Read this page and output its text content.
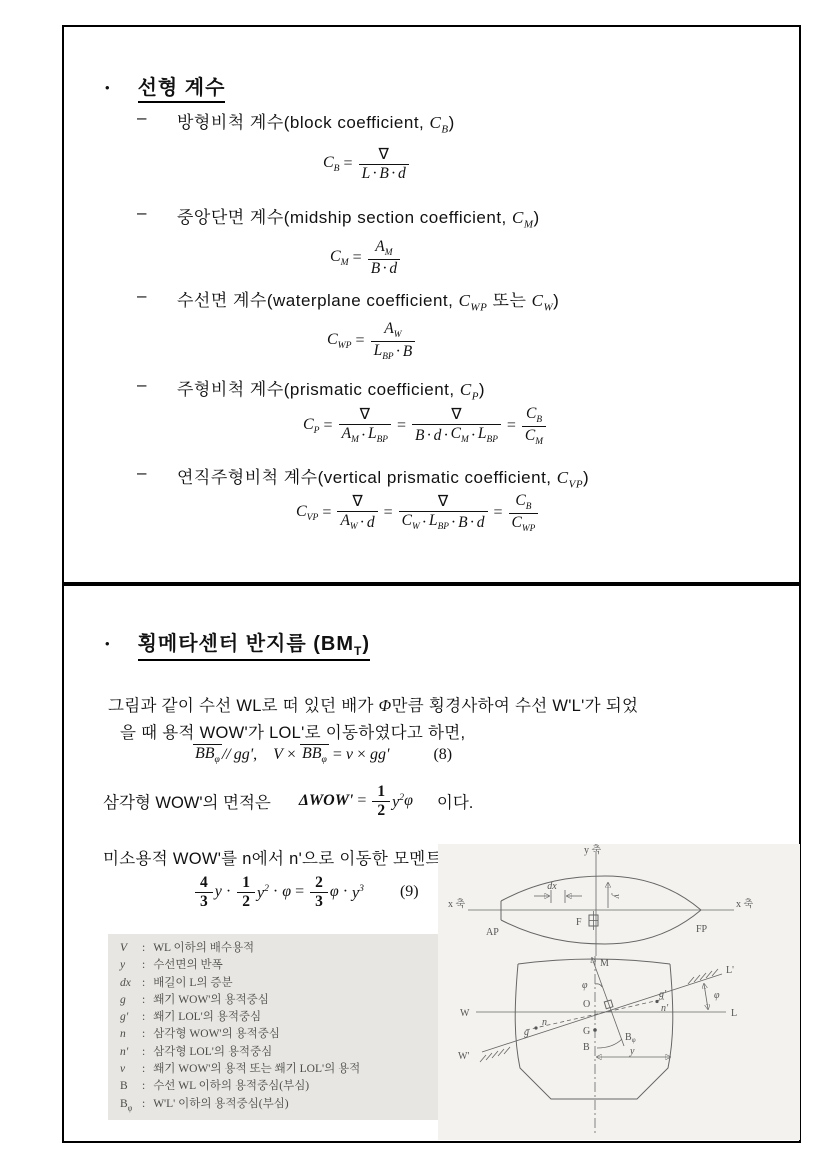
• 선형 계수
– 방형비척 계수(block coefficient, $C_B$)
$C_B = \frac{\nabla}{L \cdot B \cdot d}$
– 중앙단면 계수(midship section coefficient, $C_M$)
$C_M = \frac{A_M}{B \cdot d}$
– 수선면 계수(waterplane coefficient, $C_{WP}$ 또는 $C_W$)
$C_{WP} = \frac{A_W}{L_{BP} \cdot B}$
– 주형비척 계수(prismatic coefficient, $C_P$)
$C_P = \frac{\nabla}{A_M \cdot L_{BP}} = \frac{\nabla}{B \cdot d \cdot C_M \cdot L_{BP}} = \frac{C_B}{C_M}$
– 연직주형비척 계수(vertical prismatic coefficient, $C_{VP}$)
$C_{VP} = \frac{\nabla}{A_W \cdot d} = \frac{\nabla}{C_W \cdot L_{BP} \cdot B \cdot d} = \frac{C_B}{C_{WP}}$
• 횡메타센터 반지름 $(BM_T)$
그림과 같이 수선 WL로 떠 있던 배가 Φ만큼 횡경사하여 수선 W'L'가 되었
을 때 용적 WOW'가 LOL'로 이동하였다고 하면,
$BB_\varphi$ // gg' , $V \times BB_\varphi = v \times gg'$	(8)
삼각형 WOW'의 면적은 $\Delta WOW' = \frac{1}{2} y^2$ φ 이다.
미소용적 WOW'를 n에서 n'으로 이동한 모멘트는
$\frac{4}{3}$ $y \cdot \frac{1}{2} y^2 \cdot \varphi = \frac{2}{3}$ $\varphi \cdot y^3$ (9)
V	: WL 이하의 배수용적
y	: 수선면의 반폭
dx : 배길이 L의 증분
g	: 쐐기 WOW'의 용적중심
g'	: 쐐기 LOL'의 용적중심
n	: 삼각형 WOW'의 용적중심
n'	: 삼각형 LOL'의 용적중심
v	: 쐐기 WOW'의 용적 또는 쐐기 LOL'의 용적
B	: 수선 WL 이하의 용적중심(부심)
$B_\varphi$ : W'L' 이하의 용적중심(부심)
y 축
x 축	x 축
AP	FP
F
dx
y
W	L
W'
L'
M
φ
O
g
n
g'
n'
G
B
$B_\varphi$
y
φ
